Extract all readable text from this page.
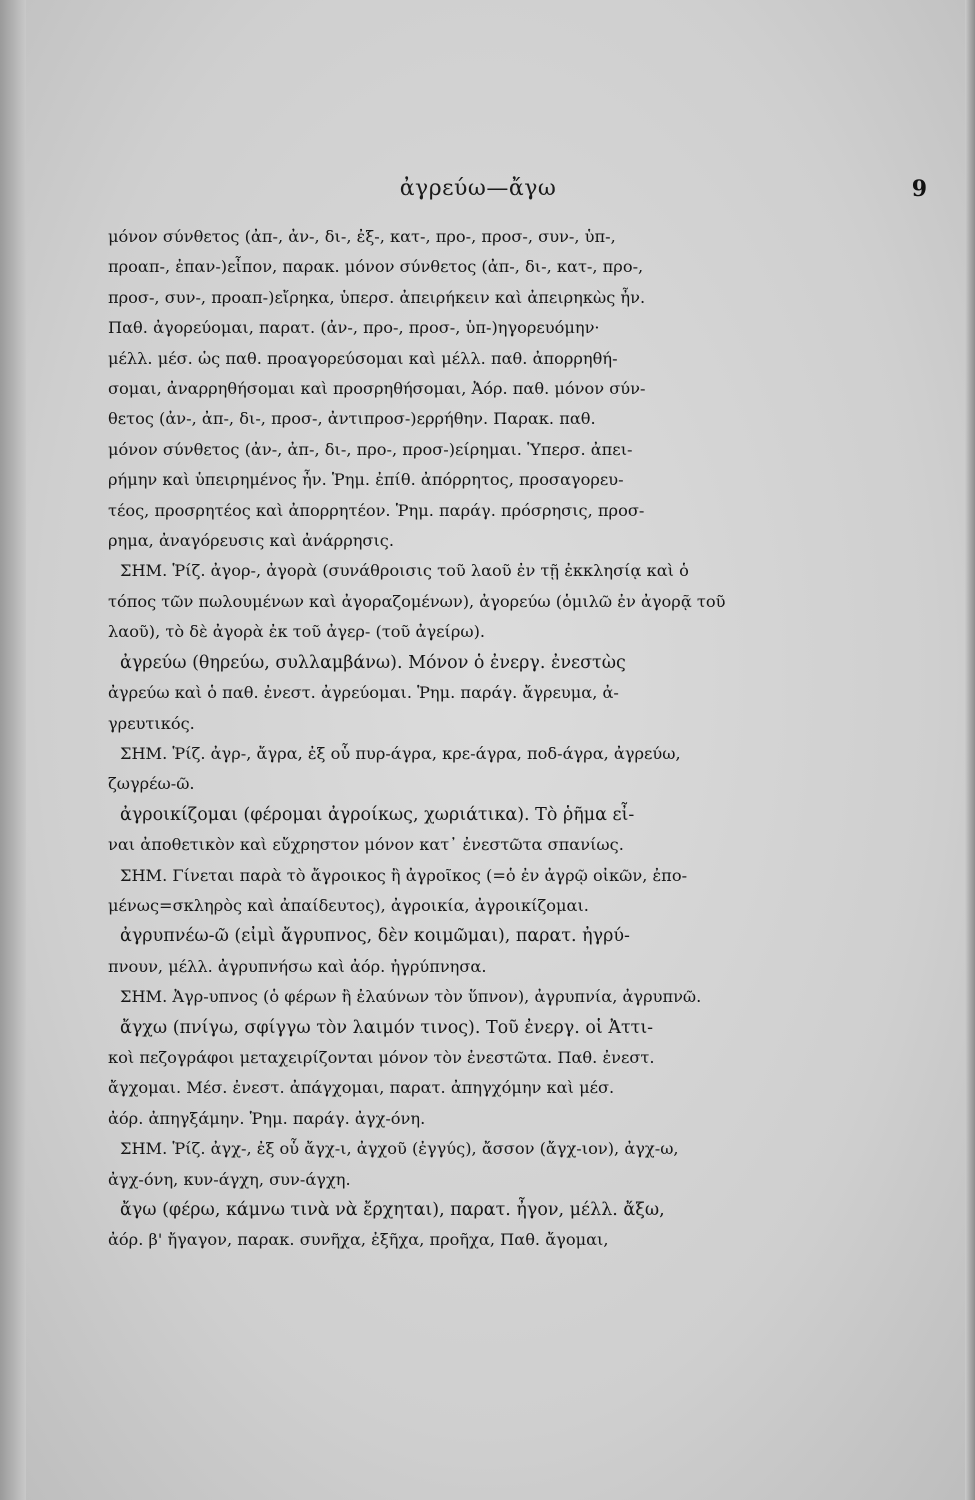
ἀγρεύω—ἄγω	9
μόνον σύνθετος (ἀπ-, ἀν-, δι-, ἐξ-, κατ-, προ-, προσ-, συν-, ὑπ-,
προαπ-, ἐπαν-)εἶπον, παρακ. μόνον σύνθετος (ἀπ-, δι-, κατ-, προ-,
προσ-, συν-, προαπ-)εἴρηκα, ὑπερσ. ἀπειρήκειν καὶ ἀπειρηκὼς ἦν.
Παθ. ἀγορεύομαι, παρατ. (ἀν-, προ-, προσ-, ὑπ-)ηγορευόμην·
μέλλ. μέσ. ὡς παθ. προαγορεύσομαι καὶ μέλλ. παθ. ἀπορρηθή-
σομαι, ἀναρρηθήσομαι καὶ προσρηθήσομαι, Ἀόρ. παθ. μόνον σύν-
θετος (ἀν-, ἀπ-, δι-, προσ-, ἀντιπροσ-)ερρήθην. Παρακ. παθ.
μόνον σύνθετος (ἀν-, ἀπ-, δι-, προ-, προσ-)είρημαι. Ὑπερσ. ἀπει-
ρήμην καὶ ὑπειρημένος ἦν. Ῥημ. ἐπίθ. ἀπόρρητος, προσαγορευ-
τέος, προσρητέος καὶ ἀπορρητέον. Ῥημ. παράγ. πρόσρησις, προσ-
ρημα, ἀναγόρευσις καὶ ἀνάρρησις.
ΣΗΜ. Ῥίζ. ἀγορ-, ἀγορὰ (συνάθροισις τοῦ λαοῦ ἐν τῇ ἐκκλησίᾳ καὶ ὁ
τόπος τῶν πωλουμένων καὶ ἀγοραζομένων), ἀγορεύω (ὁμιλῶ ἐν ἀγορᾷ τοῦ
λαοῦ), τὸ δὲ ἀγορὰ ἐκ τοῦ ἀγερ- (τοῦ ἀγείρω).
ἀγρεύω (θηρεύω, συλλαμβάνω). Μόνον ὁ ἐνεργ. ἐνεστὼς
ἀγρεύω καὶ ὁ παθ. ἐνεστ. ἀγρεύομαι. Ῥημ. παράγ. ἄγρευμα, ἀ-
γρευτικός.
ΣΗΜ. Ῥίζ. ἀγρ-, ἄγρα, ἐξ οὗ πυρ-άγρα, κρε-άγρα, ποδ-άγρα, ἀγρεύω,
ζωγρέω-ῶ.
ἀγροικίζομαι (φέρομαι ἀγροίκως, χωριάτικα). Τὸ ῥῆμα εἶ-
ναι ἀποθετικὸν καὶ εὔχρηστον μόνον κατ᾽ ἐνεστῶτα σπανίως.
ΣΗΜ. Γίνεται παρὰ τὸ ἄγροικος ἢ ἀγροῖκος (=ὁ ἐν ἀγρῷ οἰκῶν, ἐπο-
μένως=σκληρὸς καὶ ἀπαίδευτος), ἀγροικία, ἀγροικίζομαι.
ἀγρυπνέω-ῶ (εἰμὶ ἄγρυπνος, δὲν κοιμῶμαι), παρατ. ἠγρύ-
πνουν, μέλλ. ἀγρυπνήσω καὶ ἀόρ. ἠγρύπνησα.
ΣΗΜ. Ἀγρ-υπνος (ὁ φέρων ἢ ἐλαύνων τὸν ὕπνον), ἀγρυπνία, ἀγρυπνῶ.
ἄγχω (πνίγω, σφίγγω τὸν λαιμόν τινος). Τοῦ ἐνεργ. οἱ Ἀττι-
κοὶ πεζογράφοι μεταχειρίζονται μόνον τὸν ἐνεστῶτα. Παθ. ἐνεστ.
ἄγχομαι. Μέσ. ἐνεστ. ἀπάγχομαι, παρατ. ἀπηγχόμην καὶ μέσ.
ἀόρ. ἀπηγξάμην. Ῥημ. παράγ. ἀγχ-όνη.
ΣΗΜ. Ῥίζ. ἀγχ-, ἐξ οὗ ἄγχ-ι, ἀγχοῦ (ἐγγύς), ἄσσον (ἄγχ-ιον), ἀγχ-ω,
ἀγχ-όνη, κυν-άγχη, συν-άγχη.
ἄγω (φέρω, κάμνω τινὰ νὰ ἔρχηται), παρατ. ἦγον, μέλλ. ἄξω,
ἀόρ. β' ἤγαγον, παρακ. συνῆχα, ἐξῆχα, προῆχα, Παθ. ἄγομαι,
